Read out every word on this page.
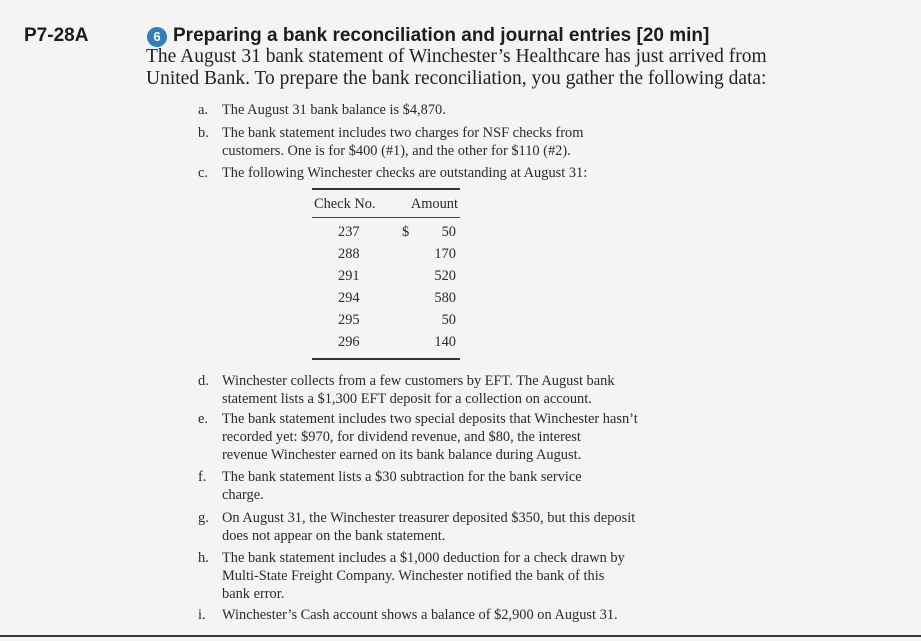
P7-28A	6 Preparing a bank reconciliation and journal entries [20 min]
The August 31 bank statement of Winchester’s Healthcare has just arrived from
United Bank. To prepare the bank reconciliation, you gather the following data:
a. The August 31 bank balance is $4,870.
b. The bank statement includes two charges for NSF checks from
customers. One is for $400 (#1), and the other for $110 (#2).
c. The following Winchester checks are outstanding at August 31:
d. Winchester collects from a few customers by EFT. The August bank
statement lists a $1,300 EFT deposit for a collection on account.
e. The bank statement includes two special deposits that Winchester hasn’t
recorded yet: $970, for dividend revenue, and $80, the interest
revenue Winchester earned on its bank balance during August.
f.	The bank statement lists a $30 subtraction for the bank service
charge.
g. On August 31, the Winchester treasurer deposited $350, but this deposit
does not appear on the bank statement.
h. The bank statement includes a $1,000 deduction for a check drawn by
Multi-State Freight Company. Winchester notified the bank of this
bank error.
i.	Winchester’s Cash account shows a balance of $2,900 on August 31.
Check No. Amount
237	$ 50
288	170
291	520
294	580
295	50
296	140
